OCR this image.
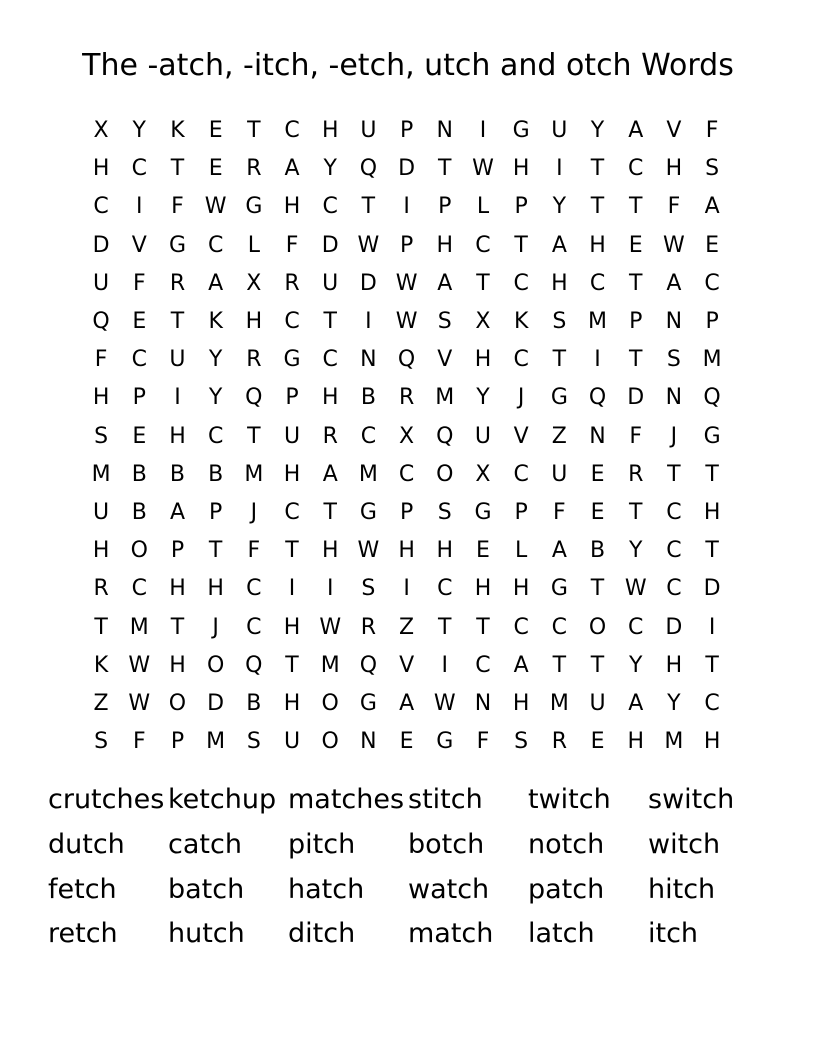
The -atch, -itch, -etch, utch and otch Words
X	Y	K	E	T	C	H U	P	N	I	G U	Y	A	V	F
H	C	T	E	R	A	Y	Q D	T W H	I	T	C	H	S
C	I	F W G H	C	T	I	P	L	P	Y	T	T	F	A
D	V	G C	L	F	D W P	H	C	T	A	H	E W E
U	F	R	A	X	R	U D W A	T	C	H	C	T	A	C
Q	E	T	K	H	C	T	I	W S	X	K	S M	P	N	P
F	C	U	Y	R	G C	N Q	V	H	C	T	I	T	S M
H	P	I	Y	Q	P	H	B	R M Y	J	G Q D N Q
S	E	H	C	T	U	R	C	X Q U	V	Z	N	F	J	G
M B	B	B M H	A M C O X	C	U	E	R	T	T
U	B	A	P	J	C	T	G	P	S	G	P	F	E	T	C	H
H O	P	T	F	T	H W H H	E	L	A	B	Y	C	T
R	C	H H	C	I	I	S	I	C	H H G	T W C	D
T M T	J	C	H W R	Z	T	T	C	C O C	D	I
K W H O Q	T M Q	V	I	C	A	T	T	Y	H	T
Z W O D	B	H O G	A W N H M U	A	Y	C
S	F	P	M S	U O N	E	G	F	S	R	E	H M H
crutches ketchup matches stitch	twitch	switch
dutch	catch	pitch	botch	notch	witch
fetch	batch	hatch	watch	patch	hitch
retch	hutch	ditch	match	latch	itch
